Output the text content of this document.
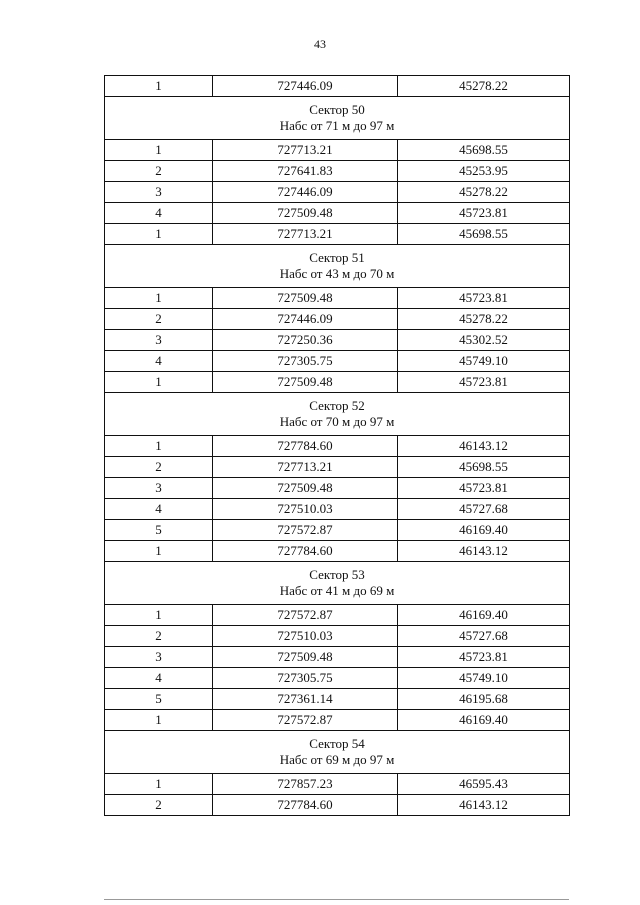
43
1	727446.09	45278.22

Сектор 50
Набс от 71 м до 97 м		

1	727713.21	45698.55
2	727641.83	45253.95
3	727446.09	45278.22
4	727509.48	45723.81
1	727713.21	45698.55

Сектор 51
Набс от 43 м до 70 м		

1	727509.48	45723.81
2	727446.09	45278.22
3	727250.36	45302.52
4	727305.75	45749.10
1	727509.48	45723.81

Сектор 52
Набс от 70 м до 97 м		

1	727784.60	46143.12
2	727713.21	45698.55
3	727509.48	45723.81
4	727510.03	45727.68
5	727572.87	46169.40
1	727784.60	46143.12

Сектор 53
Набс от 41 м до 69 м		

1	727572.87	46169.40
2	727510.03	45727.68
3	727509.48	45723.81
4	727305.75	45749.10
5	727361.14	46195.68
1	727572.87	46169.40

Сектор 54
Набс от 69 м до 97 м		

1	727857.23	46595.43
2	727784.60	46143.12
